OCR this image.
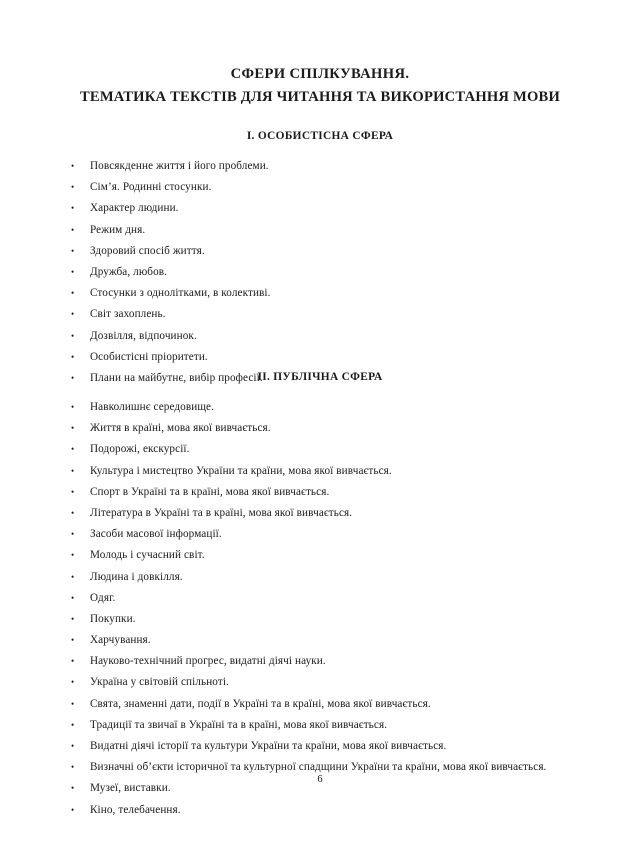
СФЕРИ СПІЛКУВАННЯ.
ТЕМАТИКА ТЕКСТІВ ДЛЯ ЧИТАННЯ ТА ВИКОРИСТАННЯ МОВИ
I. ОСОБИСТІСНА СФЕРА
• Повсякденне життя і його проблеми.
• Сім’я. Родинні стосунки.
• Характер людини.
• Режим дня.
• Здоровий спосіб життя.
• Дружба, любов.
• Стосунки з однолітками, в колективі.
• Світ захоплень.
• Дозвілля, відпочинок.
• Особистісні пріоритети.
• Плани на майбутнє, вибір професії.
II. ПУБЛІЧНА СФЕРА
• Навколишнє середовище.
• Життя в країні, мова якої вивчається.
• Подорожі, екскурсії.
• Культура і мистецтво України та країни, мова якої вивчається.
• Спорт в Україні та в країні, мова якої вивчається.
• Література в Україні та в країні, мова якої вивчається.
• Засоби масової інформації.
• Молодь і сучасний світ.
• Людина і довкілля.
• Одяг.
• Покупки.
• Харчування.
• Науково-технічний прогрес, видатні діячі науки.
• Україна у світовій спільноті.
• Свята, знаменні дати, події в Україні та в країні, мова якої вивчається.
• Традиції та звичаї в Україні та в країні, мова якої вивчається.
• Видатні діячі історії та культури України та країни, мова якої вивчається.
• Визначні об’єкти історичної та культурної спадщини України та країни, мова якої вивчається.
• Музеї, виставки.
• Кіно, телебачення.
6
